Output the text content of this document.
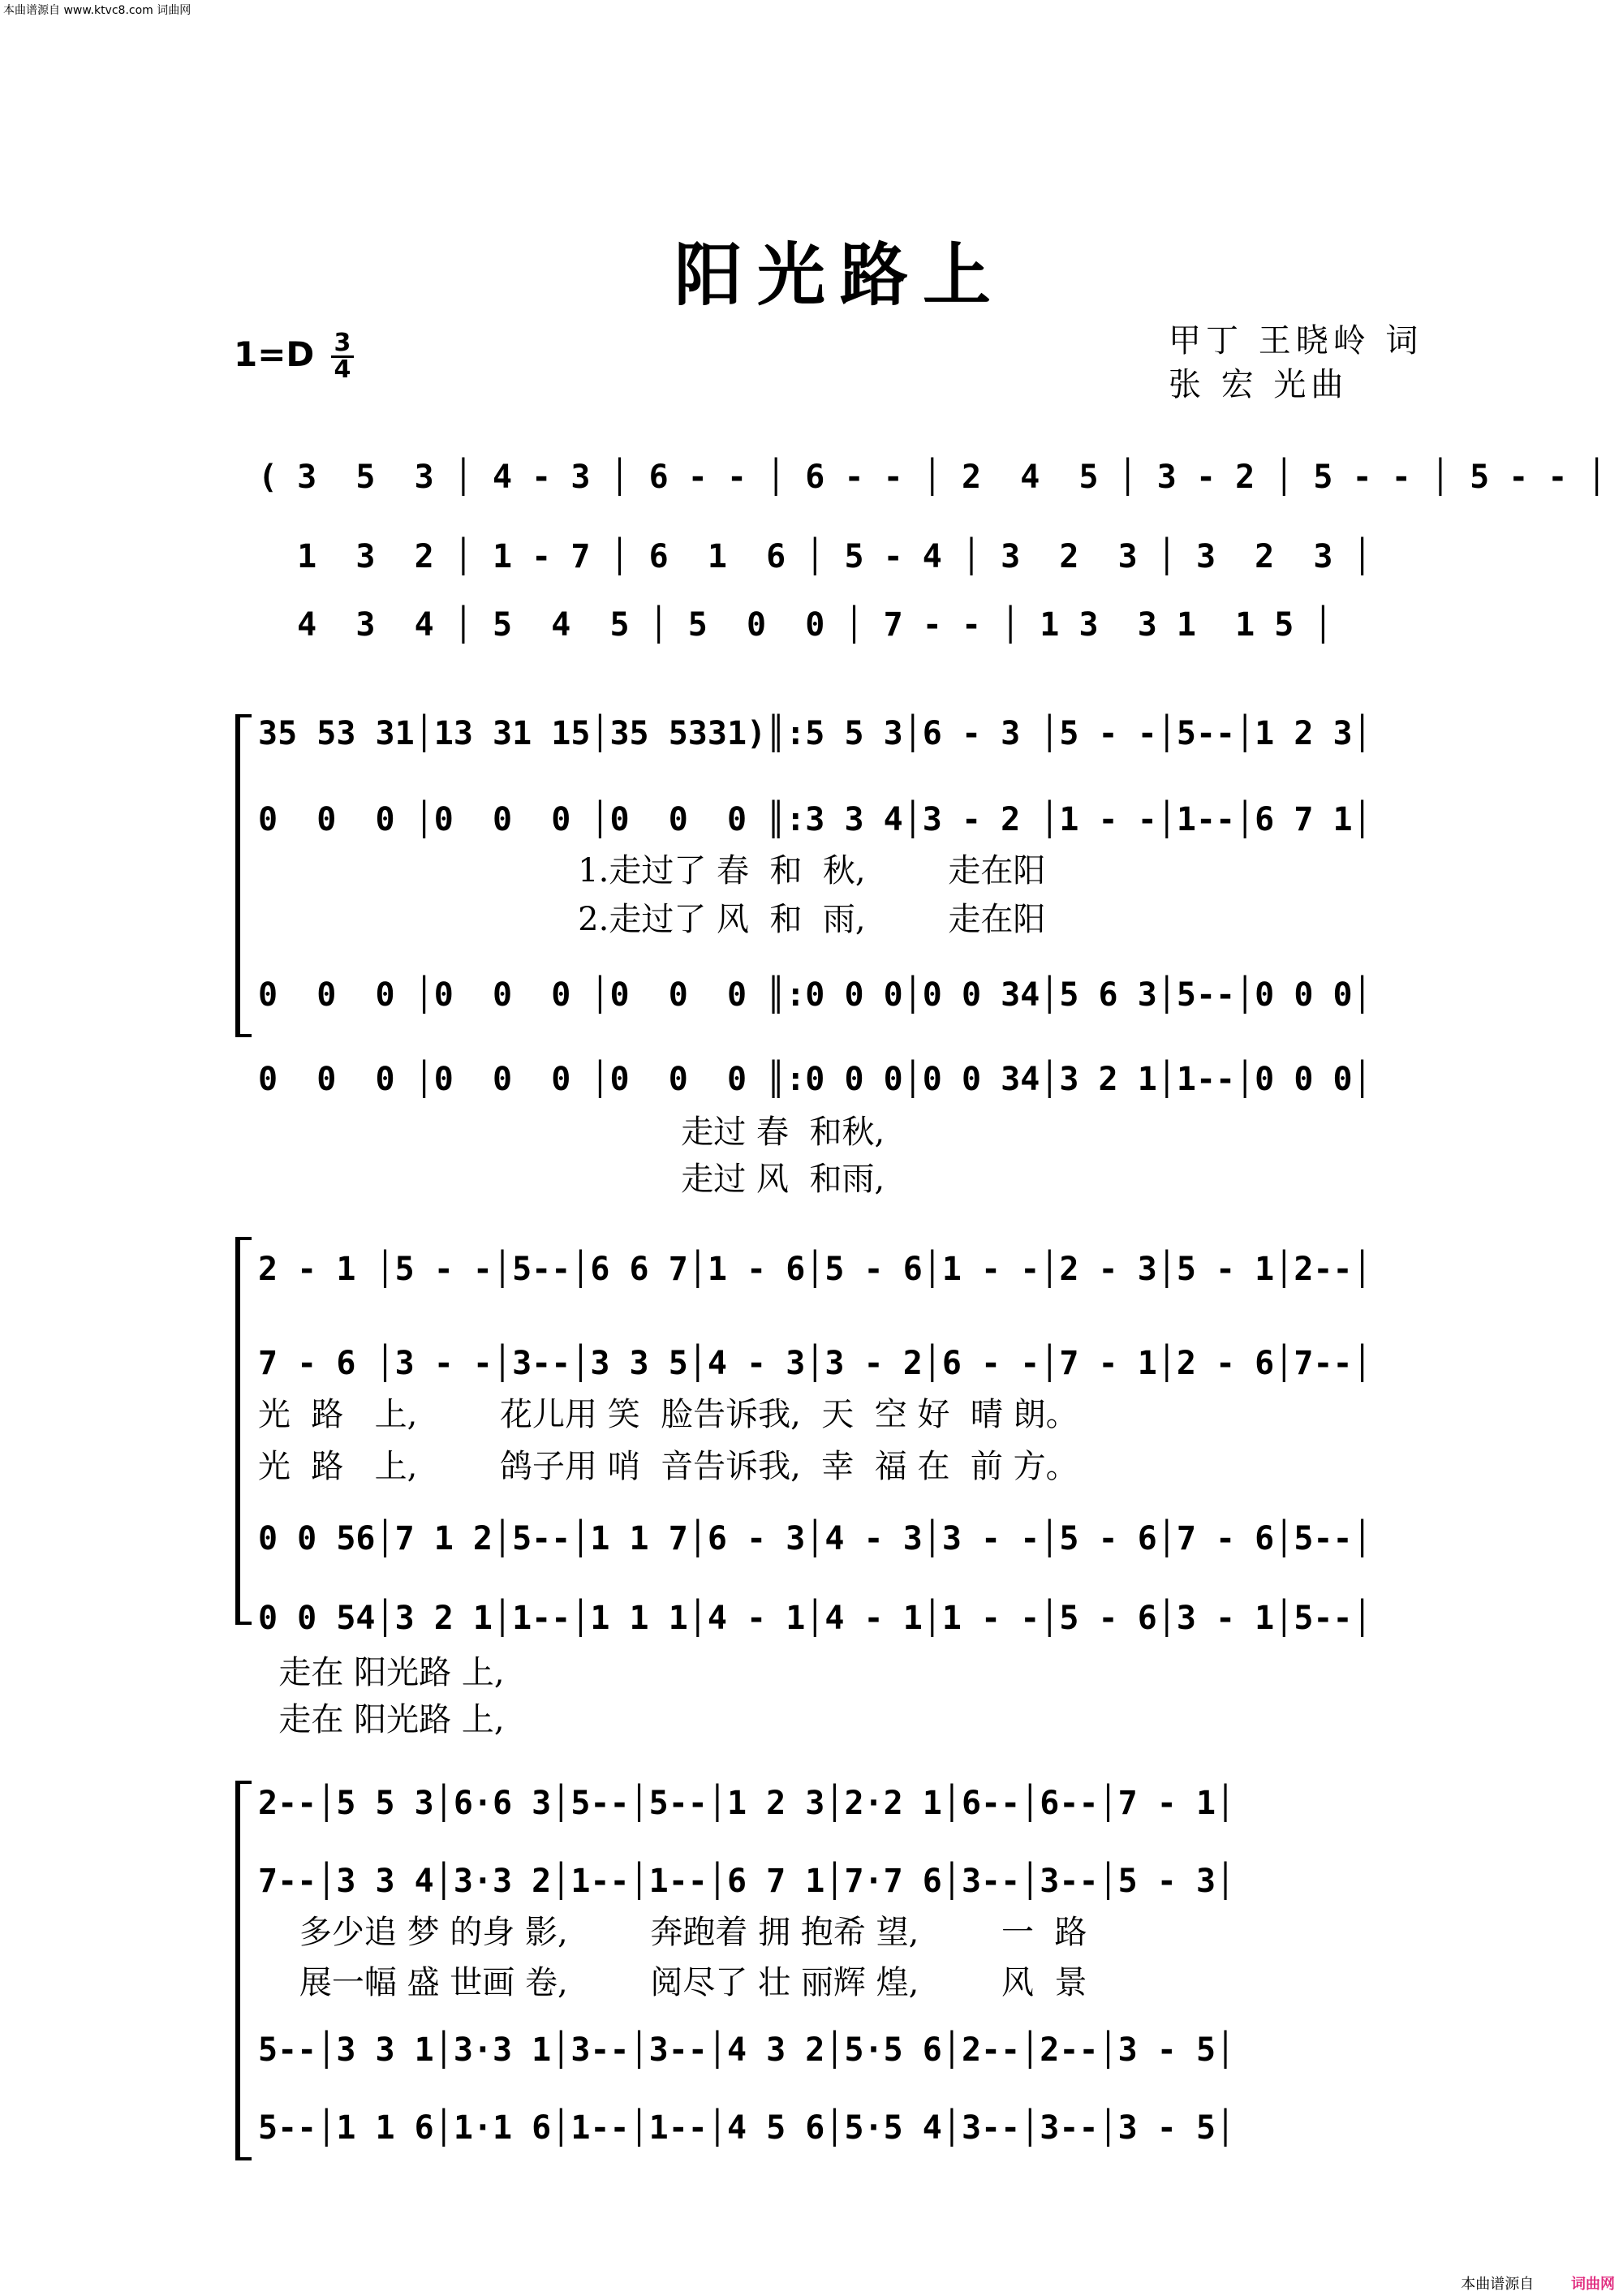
本曲谱源自 www.ktvc8.com 词曲网
阳光路上
$1=D \frac{3}{4}$	甲丁 王晓岭 词
张 宏 光曲
( 3  5  3 │ 4 - 3 │ 6 - - │ 6 - - │ 2  4  5 │ 3 - 2 │ 5 - - │ 5 - - │
1  3  2 │ 1 - 7 │ 6  1  6 │ 5 - 4 │ 3  2  3 │ 3  2  3 │
4  3  4 │ 5  4  5 │ 5  0  0 │ 7 - - │ 1 3  3 1  1 5 │
35 53 31│13 31 15│35 5331)║:5 5 3│6 - 3 │5 - -│5--│1 2 3│
0  0  0 │0  0  0 │0  0  0 ║:3 3 4│3 - 2 │1 - -│1--│6 7 1│
1.走过了 春  和  秋,        走在阳
2.走过了 风  和  雨,        走在阳
0  0  0 │0  0  0 │0  0  0 ║:0 0 0│0 0 34│5 6 3│5--│0 0 0│
0  0  0 │0  0  0 │0  0  0 ║:0 0 0│0 0 34│3 2 1│1--│0 0 0│
走过 春  和秋,
走过 风  和雨,
2 - 1 │5 - -│5--│6 6 7│1 - 6│5 - 6│1 - -│2 - 3│5 - 1│2--│
7 - 6 │3 - -│3--│3 3 5│4 - 3│3 - 2│6 - -│7 - 1│2 - 6│7--│
光  路   上,        花儿用 笑  脸告诉我,  天  空 好  晴 朗。
光  路   上,        鸽子用 哨  音告诉我,  幸  福 在  前 方。
0 0 56│7 1 2│5--│1 1 7│6 - 3│4 - 3│3 - -│5 - 6│7 - 6│5--│
0 0 54│3 2 1│1--│1 1 1│4 - 1│4 - 1│1 - -│5 - 6│3 - 1│5--│
走在 阳光路 上,
走在 阳光路 上,
2--│5 5 3│6·6 3│5--│5--│1 2 3│2·2 1│6--│6--│7 - 1│
7--│3 3 4│3·3 2│1--│1--│6 7 1│7·7 6│3--│3--│5 - 3│
多少追 梦 的身 影,        奔跑着 拥 抱希 望,        一  路
展一幅 盛 世画 卷,        阅尽了 壮 丽辉 煌,        风  景
5--│3 3 1│3·3 1│3--│3--│4 3 2│5·5 6│2--│2--│3 - 5│
5--│1 1 6│1·1 6│1--│1--│4 5 6│5·5 4│3--│3--│3 - 5│
本曲谱源自	词曲网
